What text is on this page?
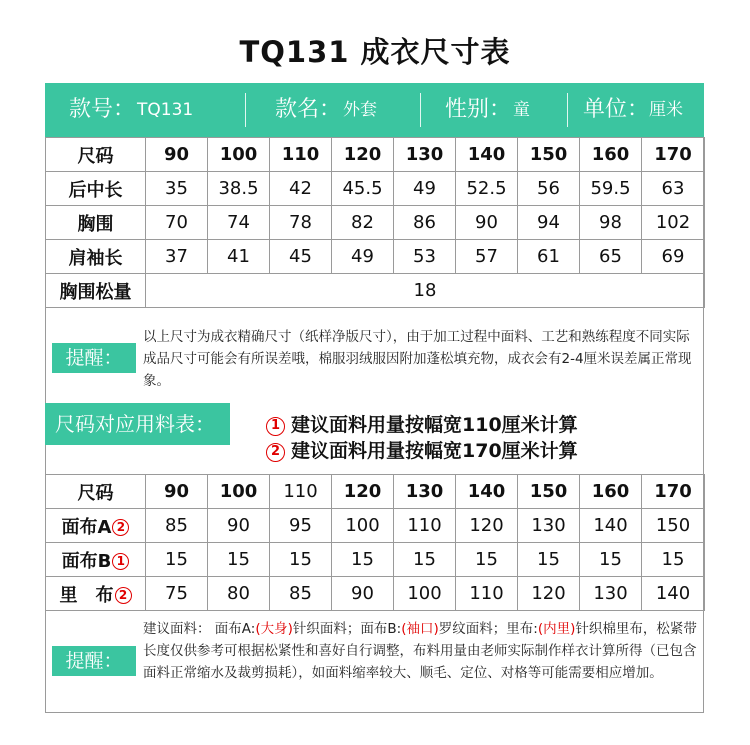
TQ131 成衣尺寸表
款号： TQ131	款名： 外套	性别： 童 单位： 厘米
尺码	90	100	110	120	130	140	150	160	170
后中长	35	38.5	42	45.5	49	52.5	56	59.5	63
胸围	70	74	78	82	86	90	94	98	102
肩袖长	37	41	45	49	53	57	61	65	69
胸围松量	18								
提醒：
以上尺寸为成衣精确尺寸（纸样净版尺寸），由于加工过程中面料、工艺和熟练程度不同实际成品尺寸可能会有所误差哦，棉服羽绒服因附加蓬松填充物，成衣会有2-4厘米误差属正常现象。
尺码对应用料表：	1 建议面料用量按幅宽110厘米计算
2 建议面料用量按幅宽170厘米计算
尺码	90	100	110	120	130	140	150	160	170
面布A 2	85	90	95	100	110	120	130	140	150
面布B 1	15	15	15	15	15	15	15	15	15
里　布 2	75	80	85	90	100	110	120	130	140
提醒：
建议面料： 面布A:(大身)针织面料；面布B:(袖口)罗纹面料；里布:(内里)针织棉里布，松紧带长度仅供参考可根据松紧性和喜好自行调整，布料用量由老师实际制作样衣计算所得（已包含面料正常缩水及裁剪损耗），如面料缩率较大、顺毛、定位、对格等可能需要相应增加。
